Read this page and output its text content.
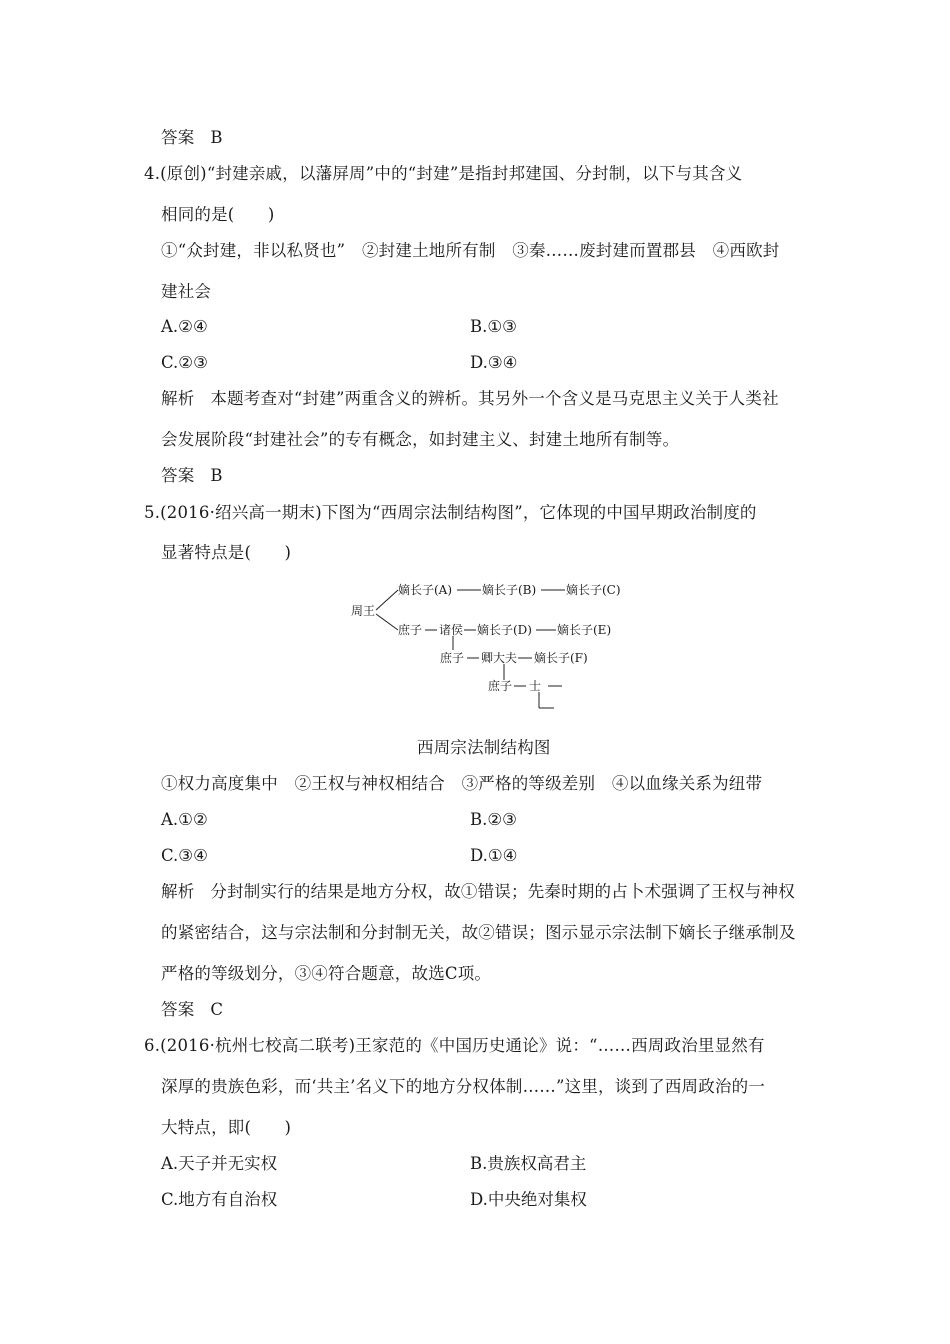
答案 B
4.(原创)“封建亲戚，以藩屏周”中的“封建”是指封邦建国、分封制，以下与其含义
相同的是(　　)
①“众封建，非以私贤也”　②封建土地所有制　③秦……废封建而置郡县　④西欧封
建社会
A.②④	B.①③
C.②③	D.③④
解析 本题考查对“封建”两重含义的辨析。其另外一个含义是马克思主义关于人类社
会发展阶段“封建社会”的专有概念，如封建主义、封建土地所有制等。
答案 B
5.(2016·绍兴高一期末)下图为“西周宗法制结构图”，它体现的中国早期政治制度的
显著特点是(　　)
周王
嫡长子(A) 嫡长子(B) 嫡长子(C)
庶子 诸侯 嫡长子(D) 嫡长子(E)
庶子 卿大夫 嫡长子(F)
庶子 士
西周宗法制结构图
①权力高度集中　②王权与神权相结合　③严格的等级差别　④以血缘关系为纽带
A.①②	B.②③
C.③④	D.①④
解析 分封制实行的结果是地方分权，故①错误；先秦时期的占卜术强调了王权与神权
的紧密结合，这与宗法制和分封制无关，故②错误；图示显示宗法制下嫡长子继承制及
严格的等级划分，③④符合题意，故选C项。
答案 C
6.(2016·杭州七校高二联考)王家范的《中国历史通论》说：“……西周政治里显然有
深厚的贵族色彩，而‘共主’名义下的地方分权体制……”这里，谈到了西周政治的一
大特点，即(　　)
A.天子并无实权	B.贵族权高君主
C.地方有自治权	D.中央绝对集权
